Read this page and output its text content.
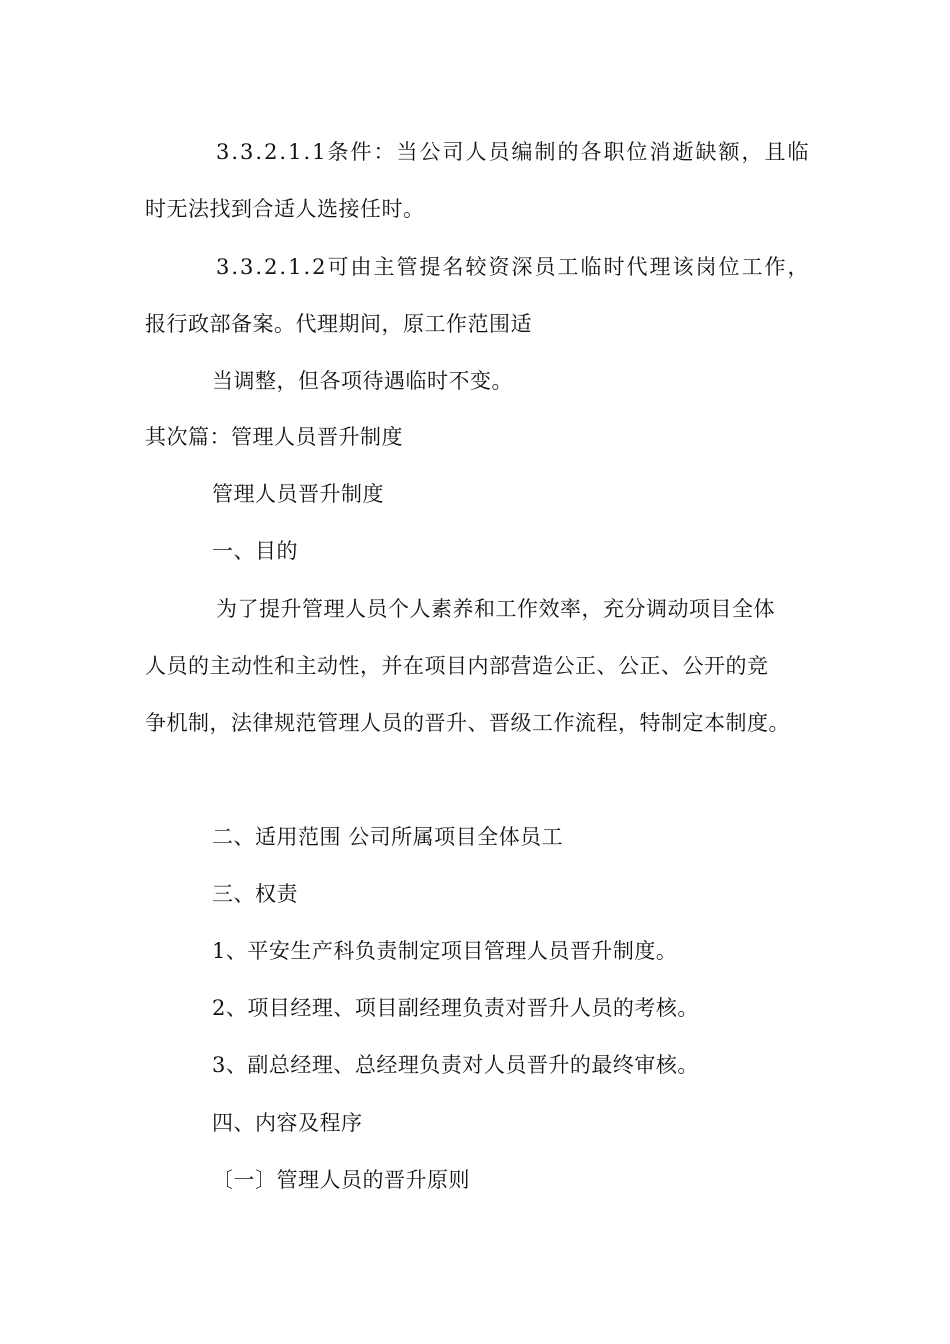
3.3.2.1.1条件：当公司人员编制的各职位消逝缺额，且临
时无法找到合适人选接任时。
3.3.2.1.2可由主管提名较资深员工临时代理该岗位工作，
报行政部备案。代理期间，原工作范围适
当调整，但各项待遇临时不变。
其次篇：管理人员晋升制度
管理人员晋升制度
一、目的
为了提升管理人员个人素养和工作效率，充分调动项目全体
人员的主动性和主动性，并在项目内部营造公正、公正、公开的竞
争机制，法律规范管理人员的晋升、晋级工作流程，特制定本制度。
二、适用范围 公司所属项目全体员工
三、权责
1、平安生产科负责制定项目管理人员晋升制度。
2、项目经理、项目副经理负责对晋升人员的考核。
3、副总经理、总经理负责对人员晋升的最终审核。
四、内容及程序
〔一〕管理人员的晋升原则
